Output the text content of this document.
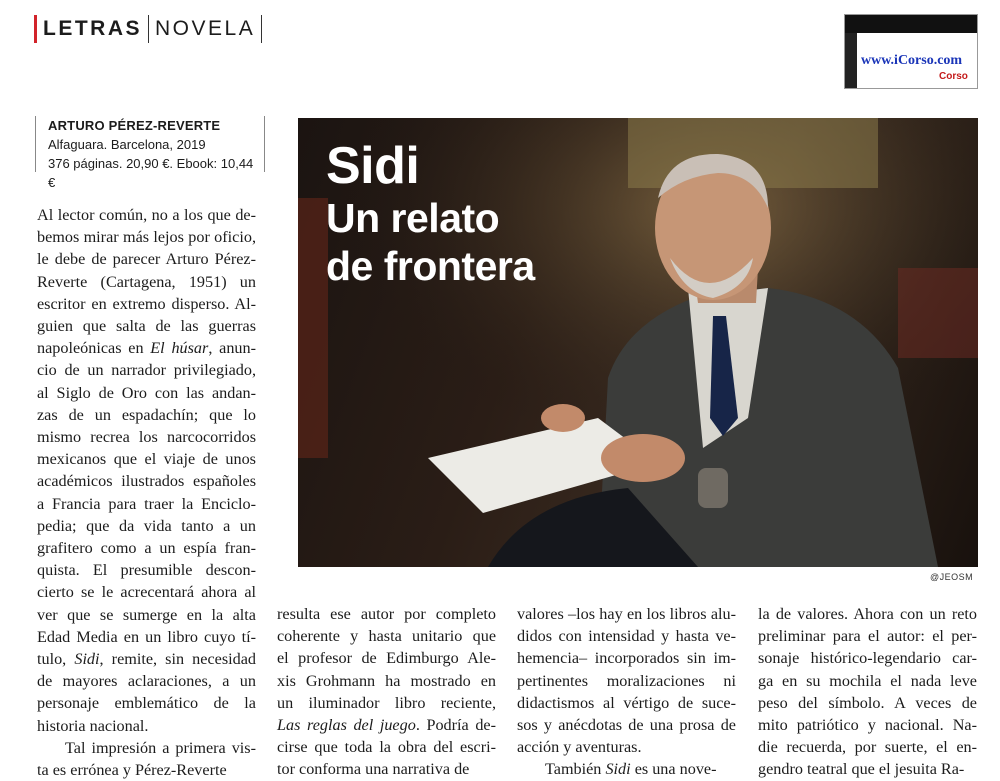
LETRAS NOVELA
www.iCorso.com
Corso
ARTURO PÉREZ-REVERTE
Alfaguara. Barcelona, 2019
376 páginas. 20,90 €. Ebook: 10,44 €	Sidi
Un relato
de frontera
@JEOSM

Al lector común, no a los que de-

bemos mirar más lejos por oficio,

le debe de parecer Arturo Pérez-

Reverte (Cartagena, 1951) un

escritor en extremo disperso. Al-

guien que salta de las guerras

napoleónicas en El húsar, anun-

cio de un narrador privilegiado,

al Siglo de Oro con las andan-

zas de un espadachín; que lo

mismo recrea los narcocorridos

mexicanos que el viaje de unos

académicos ilustrados españoles

a Francia para traer la Enciclo-

pedia; que da vida tanto a un

grafitero como a un espía fran-

quista. El presumible descon-

cierto se le acrecentará ahora al

ver que se sumerge en la alta

Edad Media en un libro cuyo tí-

tulo, Sidi, remite, sin necesidad

de mayores aclaraciones, a un

personaje emblemático de la

historia nacional.

Tal impresión a primera vis-

ta es errónea y Pérez-Reverte

resulta ese autor por completo

coherente y hasta unitario que

el profesor de Edimburgo Ale-

xis Grohmann ha mostrado en

un iluminador libro reciente,

Las reglas del juego. Podría de-

cirse que toda la obra del escri-

tor conforma una narrativa de

valores –los hay en los libros alu-

didos con intensidad y hasta ve-

hemencia– incorporados sin im-

pertinentes moralizaciones ni

didactismos al vértigo de suce-

sos y anécdotas de una prosa de

acción y aventuras.

También Sidi es una nove-

la de valores. Ahora con un reto

preliminar para el autor: el per-

sonaje histórico-legendario car-

ga en su mochila el nada leve

peso del símbolo. A veces de

mito patriótico y nacional. Na-

die recuerda, por suerte, el en-

gendro teatral que el jesuita Ra-
